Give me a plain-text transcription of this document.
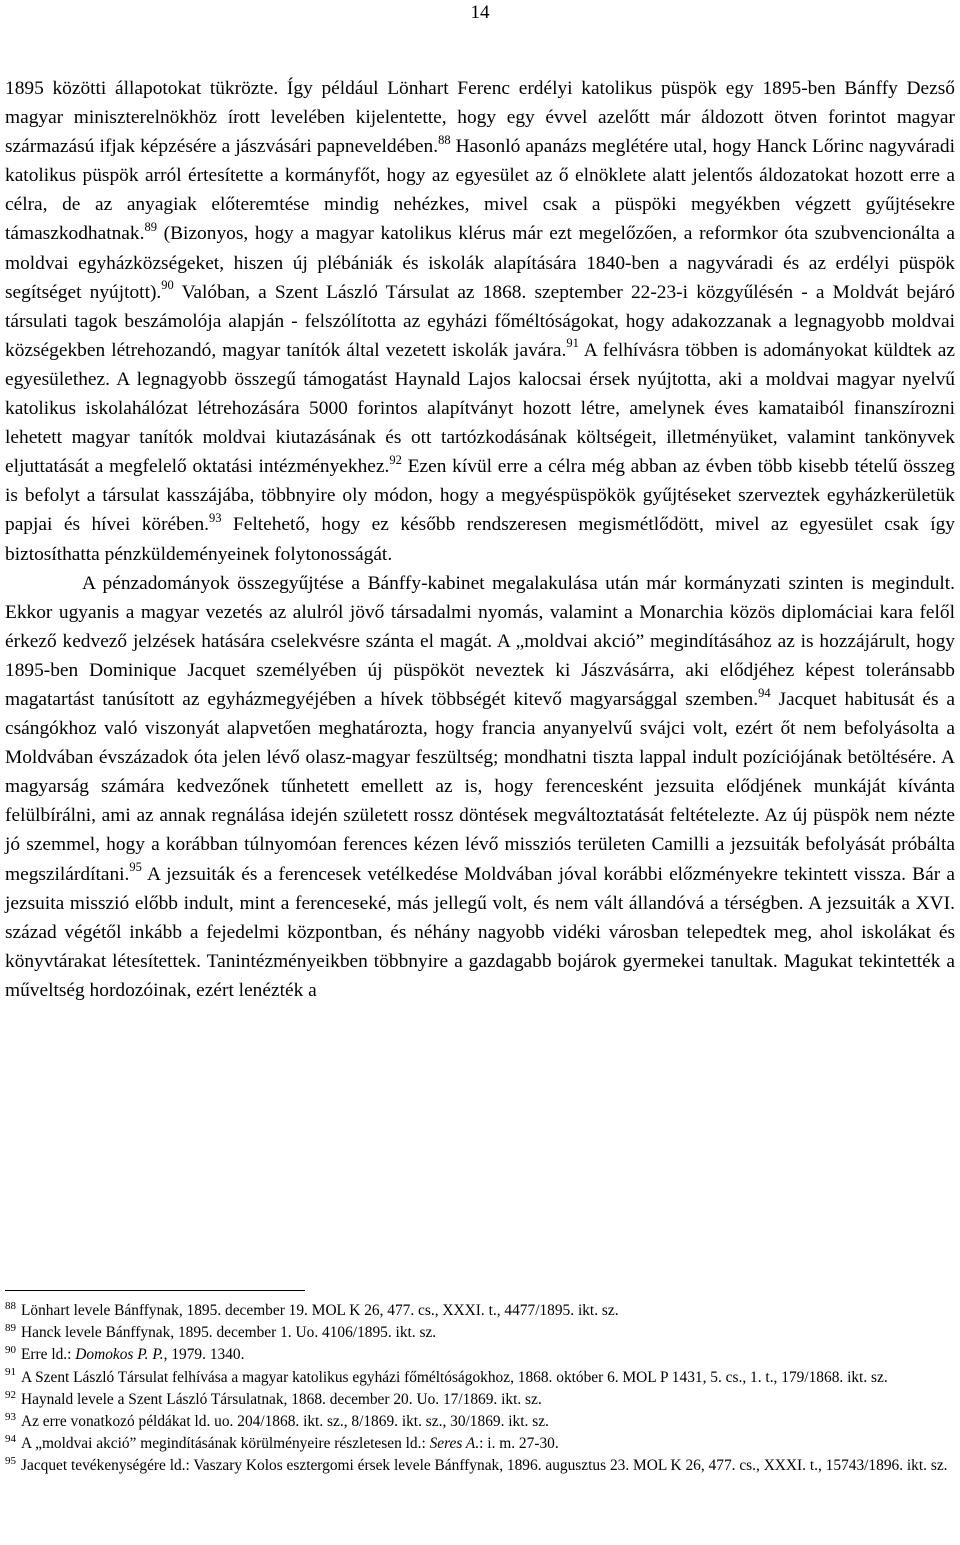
14

1895 közötti állapotokat tükrözte. Így például Lönhart Ferenc erdélyi katolikus püspök egy 1895-ben Bánffy Dezső magyar miniszterelnökhöz írott levelében kijelentette, hogy egy évvel azelőtt már áldozott ötven forintot magyar származású ifjak képzésére a jászvásári papneveldében.$^{88}$ Hasonló apanázs meglétére utal, hogy Hanck Lőrinc nagyváradi katolikus püspök arról értesítette a kormányfőt, hogy az egyesület az ő elnöklete alatt jelentős áldozatokat hozott erre a célra, de az anyagiak előteremtése mindig nehézkes, mivel csak a püspöki megyékben végzett gyűjtésekre támaszkodhatnak.$^{89}$ (Bizonyos, hogy a magyar katolikus klérus már ezt megelőzően, a reformkor óta szubvencionálta a moldvai egyházközségeket, hiszen új plébániák és iskolák alapítására 1840-ben a nagyváradi és az erdélyi püspök segítséget nyújtott).$^{90}$ Valóban, a Szent László Társulat az 1868. szeptember 22-23-i közgyűlésén - a Moldvát bejáró társulati tagok beszámolója alapján - felszólította az egyházi főméltóságokat, hogy adakozzanak a legnagyobb moldvai községekben létrehozandó, magyar tanítók által vezetett iskolák javára.$^{91}$ A felhívásra többen is adományokat küldtek az egyesülethez. A legnagyobb összegű támogatást Haynald Lajos kalocsai érsek nyújtotta, aki a moldvai magyar nyelvű katolikus iskolahálózat létrehozására 5000 forintos alapítványt hozott létre, amelynek éves kamataiból finanszírozni lehetett magyar tanítók moldvai kiutazásának és ott tartózkodásának költségeit, illetményüket, valamint tankönyvek eljuttatását a megfelelő oktatási intézményekhez.$^{92}$ Ezen kívül erre a célra még abban az évben több kisebb tételű összeg is befolyt a társulat kasszájába, többnyire oly módon, hogy a megyéspüspökök gyűjtéseket szerveztek egyházkerületük papjai és hívei körében.$^{93}$ Feltehető, hogy ez később rendszeresen megismétlődött, mivel az egyesület csak így biztosíthatta pénzküldeményeinek folytonosságát.

A pénzadományok összegyűjtése a Bánffy-kabinet megalakulása után már kormányzati szinten is megindult. Ekkor ugyanis a magyar vezetés az alulról jövő társadalmi nyomás, valamint a Monarchia közös diplomáciai kara felől érkező kedvező jelzések hatására cselekvésre szánta el magát. A „moldvai akció” megindításához az is hozzájárult, hogy 1895-ben Dominique Jacquet személyében új püspököt neveztek ki Jászvásárra, aki elődjéhez képest toleránsabb magatartást tanúsított az egyházmegyéjében a hívek többségét kitevő magyarsággal szemben.$^{94}$ Jacquet habitusát és a csángókhoz való viszonyát alapvetően meghatározta, hogy francia anyanyelvű svájci volt, ezért őt nem befolyásolta a Moldvában évszázadok óta jelen lévő olasz-magyar feszültség; mondhatni tiszta lappal indult pozíciójának betöltésére. A magyarság számára kedvezőnek tűnhetett emellett az is, hogy ferencesként jezsuita elődjének munkáját kívánta felülbírálni, ami az annak regnálása idején született rossz döntések megváltoztatását feltételezte. Az új püspök nem nézte jó szemmel, hogy a korábban túlnyomóan ferences kézen lévő missziós területen Camilli a jezsuiták befolyását próbálta megszilárdítani.$^{95}$ A jezsuiták és a ferencesek vetélkedése Moldvában jóval korábbi előzményekre tekintett vissza. Bár a jezsuita misszió előbb indult, mint a ferenceseké, más jellegű volt, és nem vált állandóvá a térségben. A jezsuiták a XVI. század végétől inkább a fejedelmi központban, és néhány nagyobb vidéki városban telepedtek meg, ahol iskolákat és könyvtárakat létesítettek. Tanintézményeikben többnyire a gazdagabb bojárok gyermekei tanultak. Magukat tekintették a műveltség hordozóinak, ezért lenézték a

$^{88}$ Lönhart levele Bánffynak, 1895. december 19. MOL K 26, 477. cs., XXXI. t., 4477/1895. ikt. sz.

$^{89}$ Hanck levele Bánffynak, 1895. december 1. Uo. 4106/1895. ikt. sz.

$^{90}$ Erre ld.: Domokos P. P., 1979. 1340.

$^{91}$ A Szent László Társulat felhívása a magyar katolikus egyházi főméltóságokhoz, 1868. október 6. MOL P 1431, 5. cs., 1. t., 179/1868. ikt. sz.

$^{92}$ Haynald levele a Szent László Társulatnak, 1868. december 20. Uo. 17/1869. ikt. sz.

$^{93}$ Az erre vonatkozó példákat ld. uo. 204/1868. ikt. sz., 8/1869. ikt. sz., 30/1869. ikt. sz.

$^{94}$ A „moldvai akció” megindításának körülményeire részletesen ld.: Seres A.: i. m. 27-30.

$^{95}$ Jacquet tevékenységére ld.: Vaszary Kolos esztergomi érsek levele Bánffynak, 1896. augusztus 23. MOL K 26, 477. cs., XXXI. t., 15743/1896. ikt. sz.
